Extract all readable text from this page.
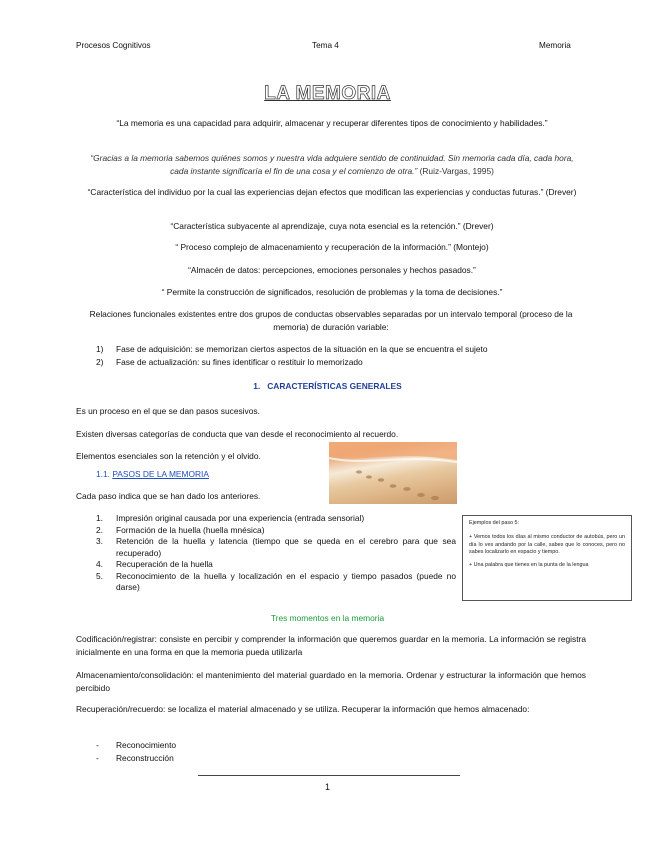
Procesos Cognitivos	Tema 4	Memoria
LA MEMORIA
“La memoria es una capacidad para adquirir, almacenar y recuperar diferentes tipos de conocimiento y habilidades.”
“Gracias a la memoria sabemos quiénes somos y nuestra vida adquiere sentido de continuidad. Sin memoria cada día, cada hora, cada instante significaría el fin de una cosa y el comienzo de otra.” (Ruiz-Vargas, 1995)
“Característica del individuo por la cual las experiencias dejan efectos que modifican las experiencias y conductas futuras.” (Drever)
“Característica subyacente al aprendizaje, cuya nota esencial es la retención.” (Drever)
“ Proceso complejo de almacenamiento y recuperación de la información.” (Montejo)
“Almacén de datos: percepciones, emociones personales y hechos pasados.”
“ Permite la construcción de significados, resolución de problemas y la toma de decisiones.”
Relaciones funcionales existentes entre dos grupos de conductas observables separadas por un intervalo temporal (proceso de la memoria) de duración variable:
1) Fase de adquisición: se memorizan ciertos aspectos de la situación en la que se encuentra el sujeto
2) Fase de actualización: su fines identificar o restituir lo memorizado
1. CARACTERÍSTICAS GENERALES
Es un proceso en el que se dan pasos sucesivos.
Existen diversas categorías de conducta que van desde el reconocimiento al recuerdo.
Elementos esenciales son la retención y el olvido.
1.1. PASOS DE LA MEMORIA
Cada paso indica que se han dado los anteriores.
1.	Impresión original causada por una experiencia (entrada sensorial)
2.	Formación de la huella (huella mnésica)
3.	Retención de la huella y latencia (tiempo que se queda en el cerebro para que sea recuperado)
4.	Recuperación de la huella
5.	Reconocimiento de la huella y localización en el espacio y tiempo pasados (puede no darse)
Ejemplos del paso 5:
+ Vemos todos los días al mismo conductor de autobús, pero un día lo ves andando por la calle, sabes que lo conoces, pero no sabes localizarlo en espacio y tiempo.
+ Una palabra que tienes en la punta de la lengua
Tres momentos en la memoria
Codificación/registrar: consiste en percibir y comprender la información que queremos guardar en la memoria. La información se registra inicialmente en una forma en que la memoria pueda utilizarla
Almacenamiento/consolidación: el mantenimiento del material guardado en la memoria. Ordenar y estructurar la información que hemos percibido
Recuperación/recuerdo: se localiza el material almacenado y se utiliza. Recuperar la información que hemos almacenado:
- Reconocimiento
- Reconstrucción
1
